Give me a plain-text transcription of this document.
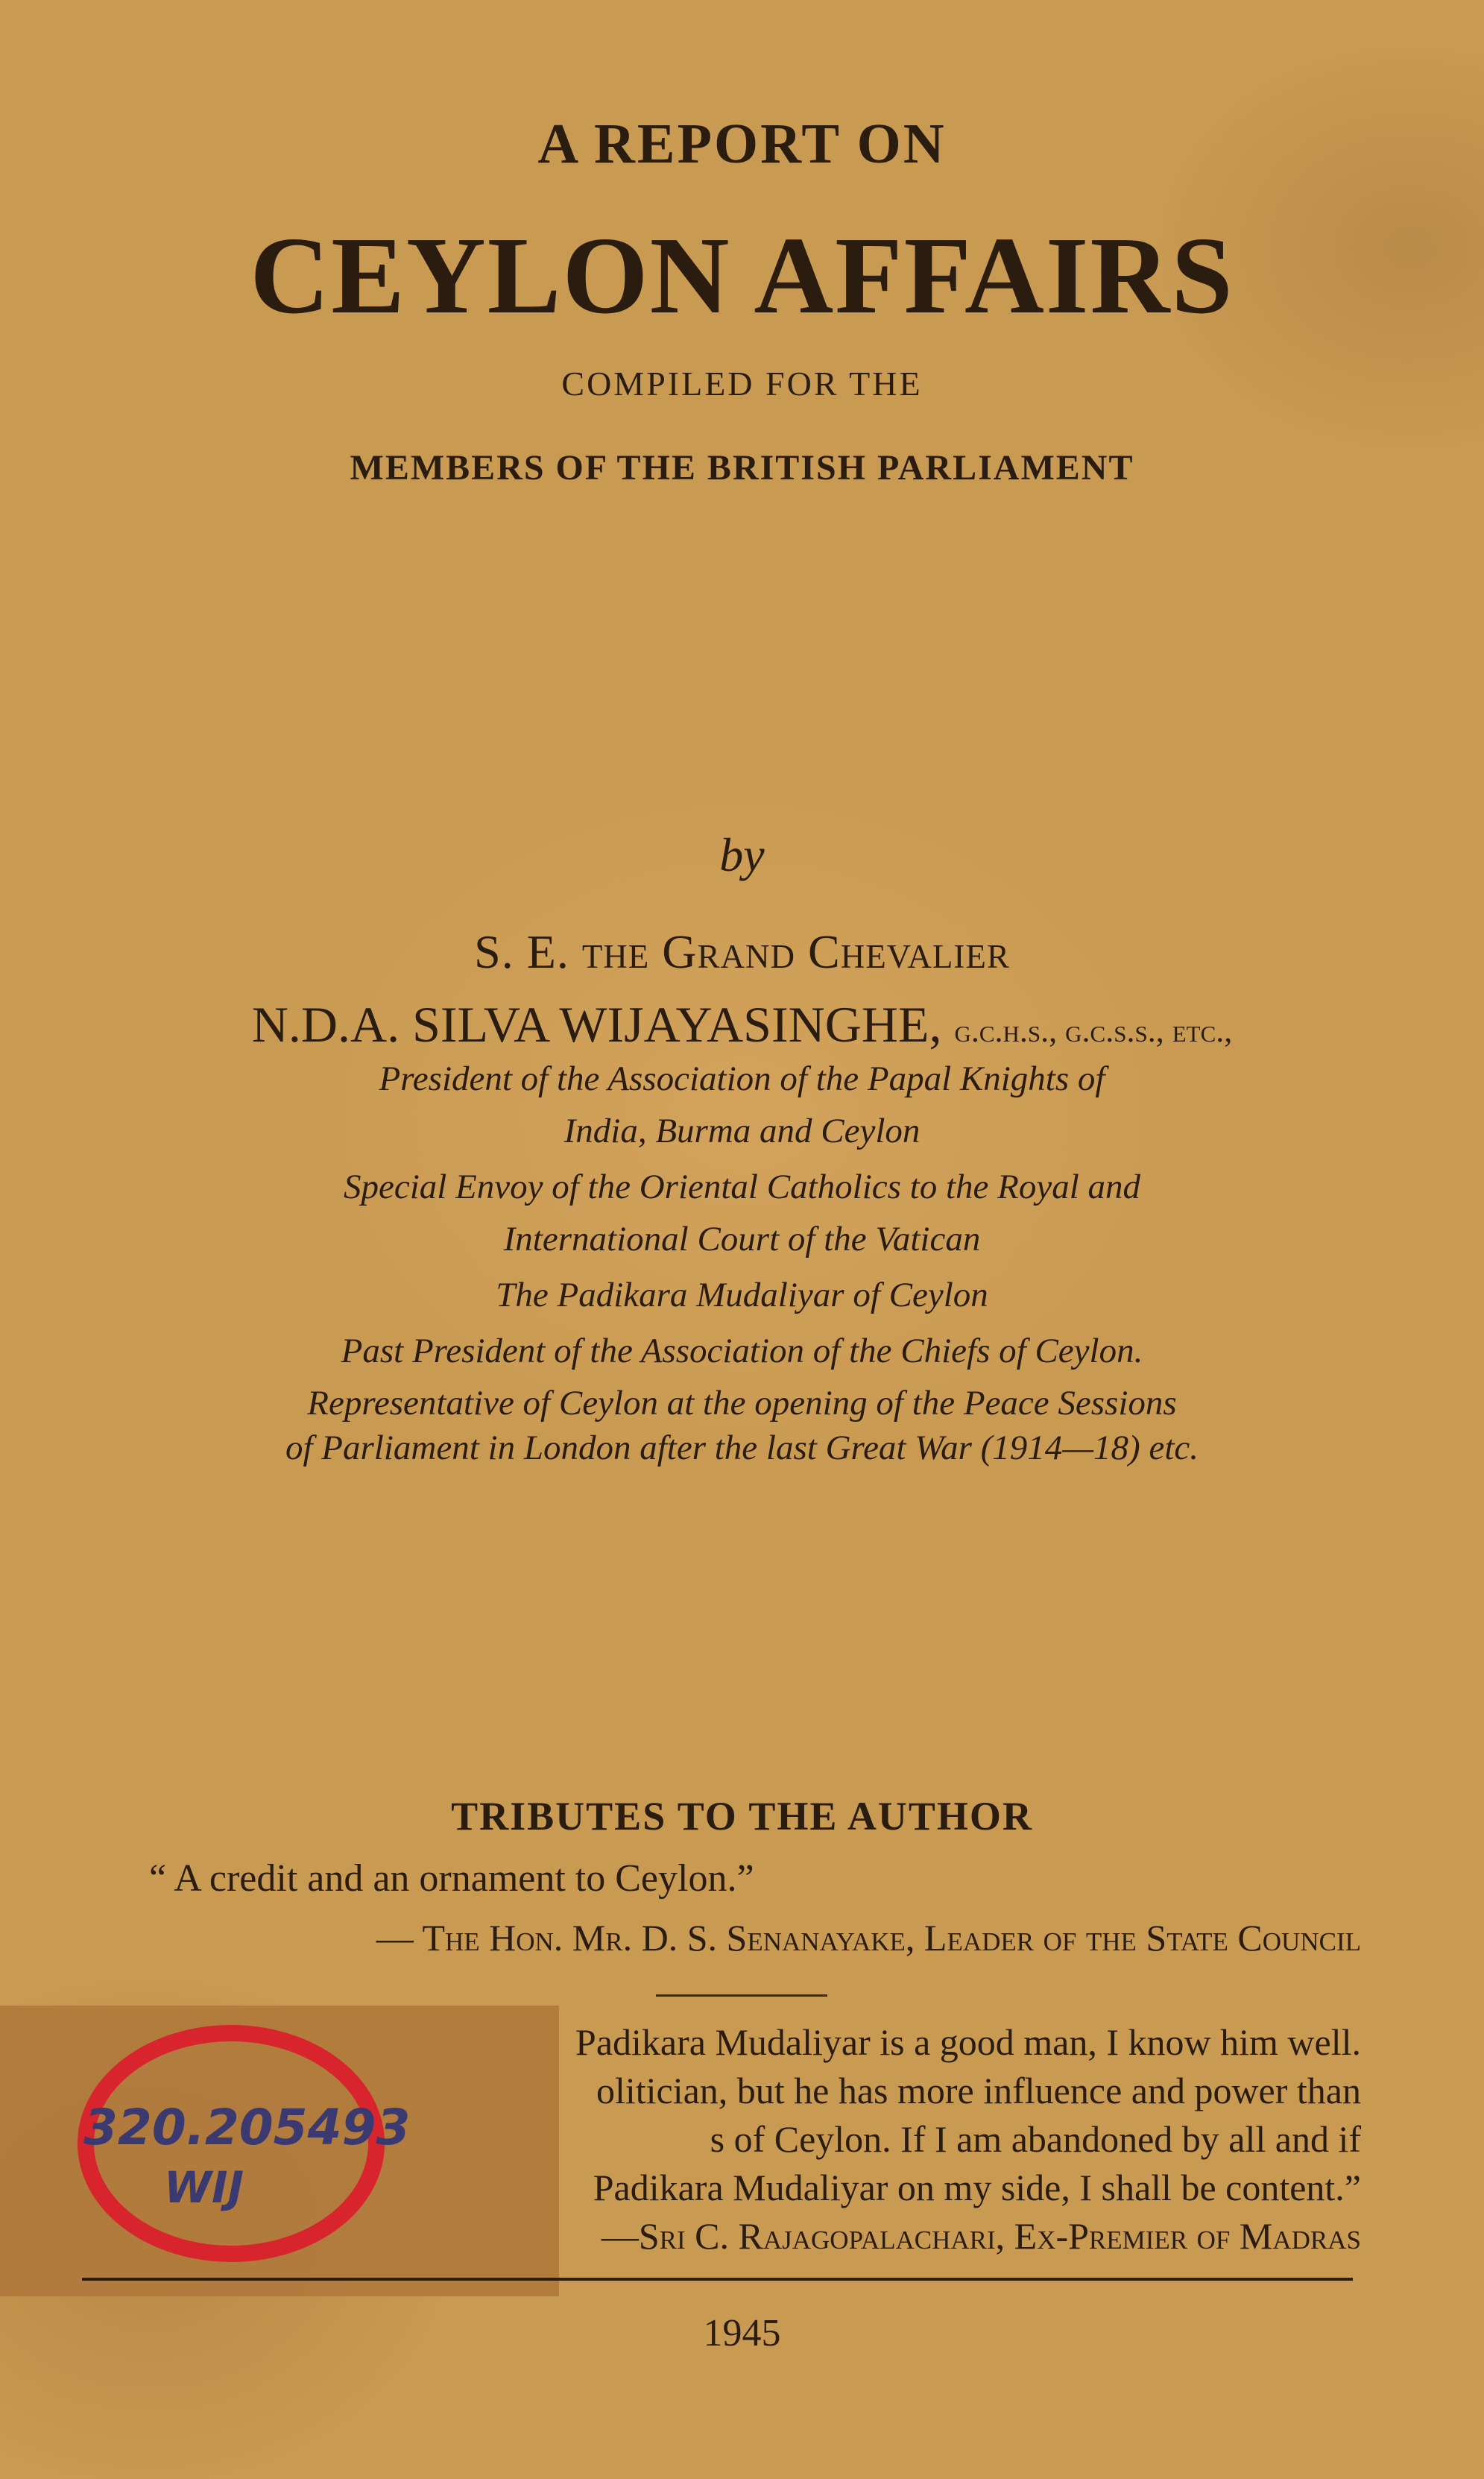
A REPORT ON
CEYLON AFFAIRS
COMPILED FOR THE
MEMBERS OF THE BRITISH PARLIAMENT
by
S. E. the Grand Chevalier
N.D.A. SILVA WIJAYASINGHE, g.c.h.s., g.c.s.s., etc.,
President of the Association of the Papal Knights of
India, Burma and Ceylon
Special Envoy of the Oriental Catholics to the Royal and
International Court of the Vatican
The Padikara Mudaliyar of Ceylon
Past President of the Association of the Chiefs of Ceylon.
Representative of Ceylon at the opening of the Peace Sessions
of Parliament in London after the last Great War (1914—18) etc.
TRIBUTES TO THE AUTHOR
“ A credit and an ornament to Ceylon.”
— The Hon. Mr. D. S. Senanayake, Leader of the State Council
Padikara Mudaliyar is a good man, I know him well.
olitician, but he has more influence and power than
s of Ceylon. If I am abandoned by all and if
Padikara Mudaliyar on my side, I shall be content.”
—Sri C. Rajagopalachari, Ex-Premier of Madras
320.205493
WIJ
1945
